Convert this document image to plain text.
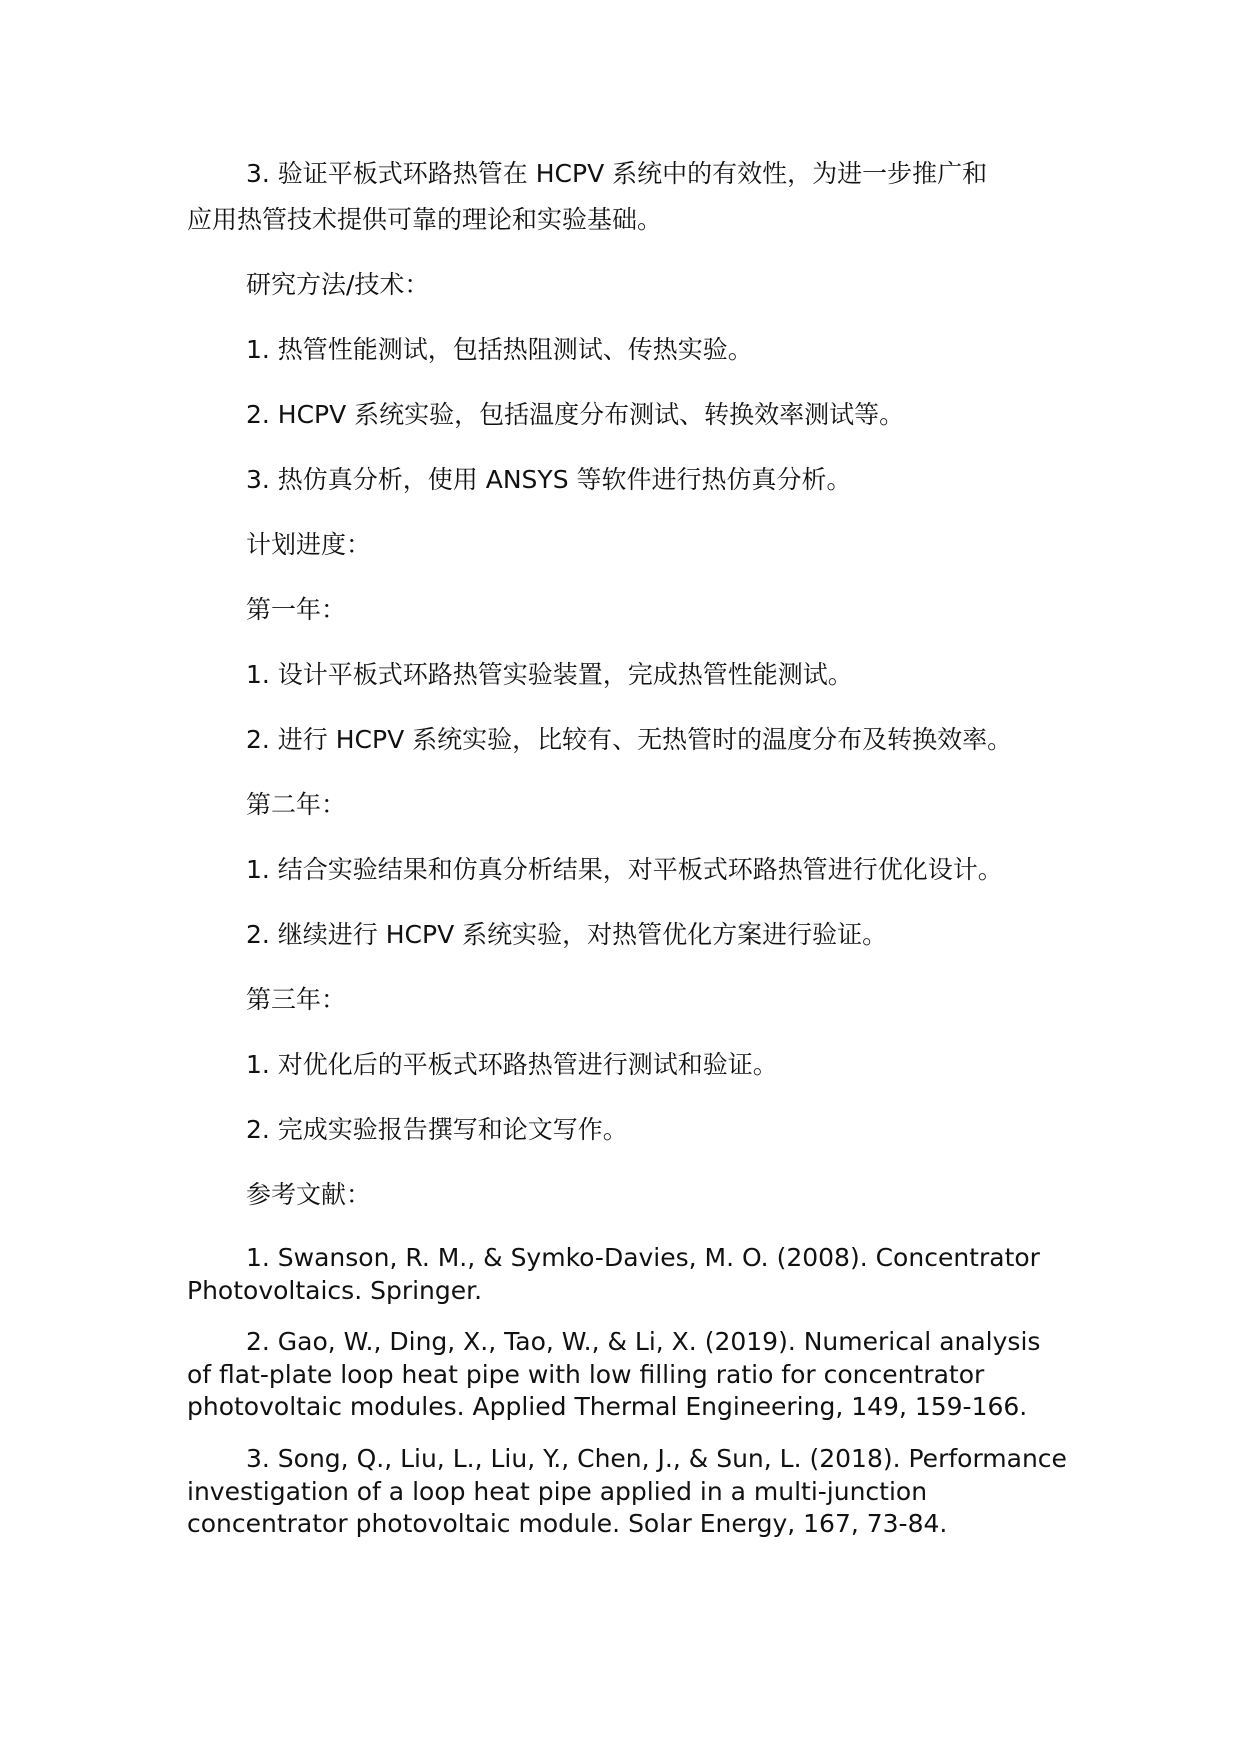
3. 验证平板式环路热管在 HCPV 系统中的有效性，为进一步推广和
应用热管技术提供可靠的理论和实验基础。
研究方法/技术：
1. 热管性能测试，包括热阻测试、传热实验。
2. HCPV 系统实验，包括温度分布测试、转换效率测试等。
3. 热仿真分析，使用 ANSYS 等软件进行热仿真分析。
计划进度：
第一年：
1. 设计平板式环路热管实验装置，完成热管性能测试。
2. 进行 HCPV 系统实验，比较有、无热管时的温度分布及转换效率。
第二年：
1. 结合实验结果和仿真分析结果，对平板式环路热管进行优化设计。
2. 继续进行 HCPV 系统实验，对热管优化方案进行验证。
第三年：
1. 对优化后的平板式环路热管进行测试和验证。
2. 完成实验报告撰写和论文写作。
参考文献：

1. Swanson, R. M., & Symko-Davies, M. O. (2008). Concentrator Photovoltaics. Springer.

2. Gao, W., Ding, X., Tao, W., & Li, X. (2019). Numerical analysis of flat-plate loop heat pipe with low filling ratio for concentrator photovoltaic modules. Applied Thermal Engineering, 149, 159-166.

3. Song, Q., Liu, L., Liu, Y., Chen, J., & Sun, L. (2018). Performance investigation of a loop heat pipe applied in a multi-junction concentrator photovoltaic module. Solar Energy, 167, 73-84.
